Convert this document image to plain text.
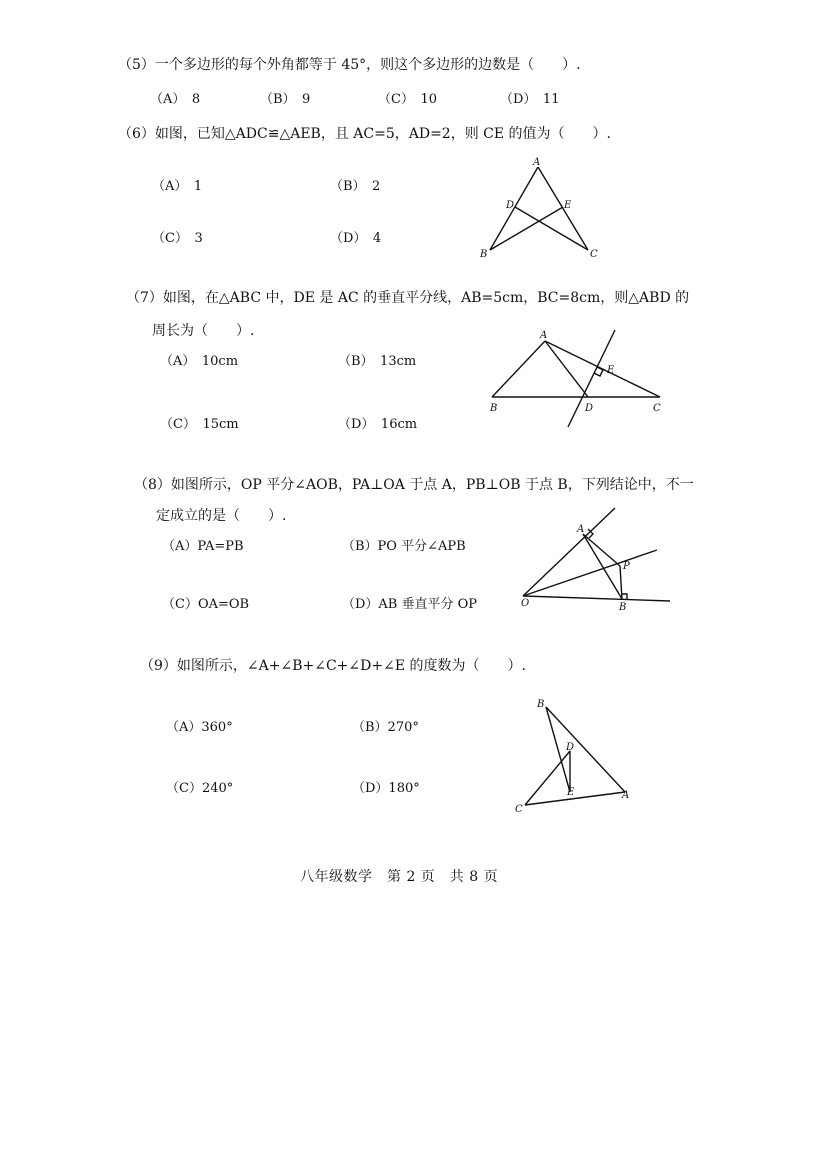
（5）一个多边形的每个外角都等于 45°，则这个多边形的边数是（　　）.
（A）　8	（B）　9	（C）　10	（D）　11
（6）如图，已知△ADC≌△AEB，且 AC=5，AD=2，则 CE 的值为（　　）.
（A）　1	（B）　2
（C）　3	（D）　4
A
D	E
B	C
（7）如图，在△ABC 中，DE 是 AC 的垂直平分线，AB=5cm，BC=8cm，则△ABD 的
周长为（　　）.
（A）　10cm	（B）　13cm
（C）　15cm	（D）　16cm
A
E
B	D	C
（8）如图所示，OP 平分∠AOB，PA⊥OA 于点 A，PB⊥OB 于点 B，下列结论中，不一
定成立的是（　　）.
（A）PA=PB	（B）PO 平分∠APB
（C）OA=OB	（D）AB 垂直平分 OP
A
P
O	B
（9）如图所示，∠A+∠B+∠C+∠D+∠E 的度数为（　　）.
（A）360°	（B）270°
（C）240°	（D）180°
B
D
E
C
A
八年级数学　第 2 页　共 8 页
